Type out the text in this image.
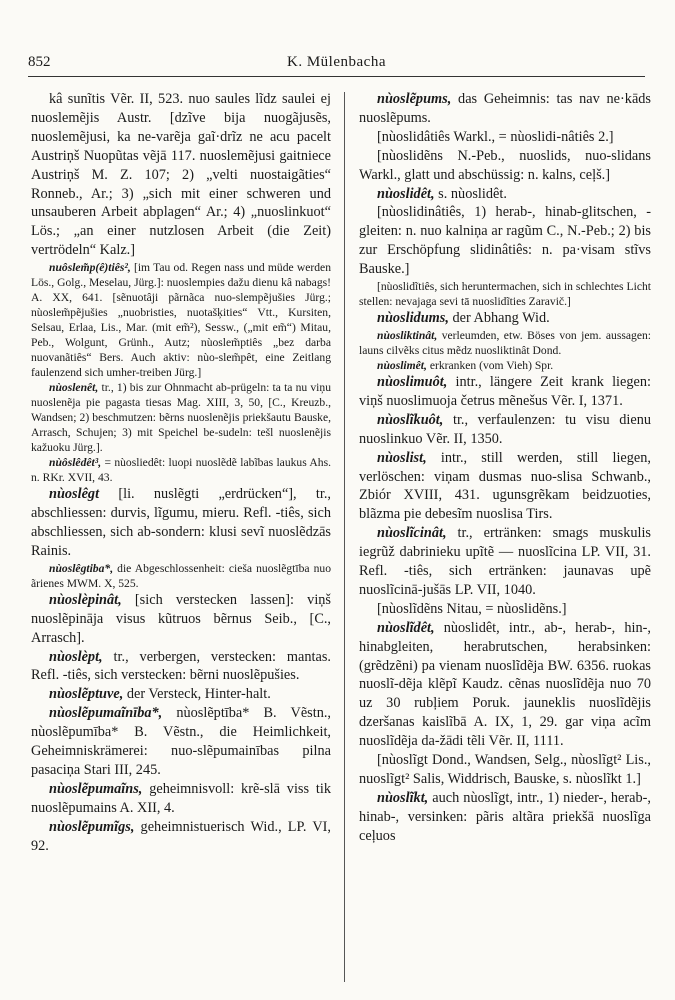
852	K. Mülenbacha

kâ sunĩtis Vẽr. II, 523. nuo saules lĩdz saulei ej nuoslemẽjis Austr. [dzĩve bija nuogãjusẽs, nuoslemẽjusi, ka ne-varẽja gaĩ·drĩz ne acu pacelt Austriņš Nuopũtas vẽjā 117. nuoslemẽjusi gaitniece Austriņš M. Z. 107; 2) „velti nuostaigãties“ Ronneb., Ar.; 3) „sich mit einer schweren und unsauberen Arbeit abplagen“ Ar.; 4) „nuoslinkuot“ Lös.; „an einer nutzlosen Arbeit (die Zeit) vertrödeln“ Kalz.]

nuôslem̃p(ê)tiês², [im Tau od. Regen nass und müde werden Lös., Golg., Meselau, Jürg.]: nuoslempies dažu dienu kâ nabags! A. XX, 641. [sẽnuotâji pãrnãca nuo-slempẽjušies Jürg.; nùoslem̃pẽjušies „nuobristies, nuotašķities“ Vtt., Kursiten, Selsau, Erlaa, Lis., Mar. (mit em̃²), Sessw., („mit em̃“) Mitau, Peb., Wolgunt, Grünh., Autz; nùoslem̃ptiês „bez darba nuovanãtiês“ Bers. Auch aktiv: nùo-slem̃pêt, eine Zeitlang faulenzend sich umher-treiben Jürg.]

nùoslenêt, tr., 1) bis zur Ohnmacht ab-prügeln: ta ta nu viņu nuoslenẽja pie pagasta tiesas Mag. XIII, 3, 50, [C., Kreuzb., Wandsen; 2) beschmutzen: bẽrns nuoslenẽjis priekšautu Bauske, Arrasch, Schujen; 3) mit Speichel be-sudeln: tešl nuoslenẽjis kažuoku Jürg.].

nùôslêdêt³, = nùosliedêt: luopi nuoslẽdẽ labĩbas laukus Ahs. n. RKr. XVII, 43.

nùoslêgt [li. nuslẽgti „erdrücken“], tr., abschliessen: durvis, lĩgumu, mieru. Refl. -tiês, sich abschliessen, sich ab-sondern: klusi sevĩ nuoslẽdzās Rainis.

nùoslêgtiba*, die Abgeschlossenheit: cieša nuoslẽgtība nuo ãrienes MWM. X, 525.

nùoslèpinât, [sich verstecken lassen]: viņš nuoslẽpināja visus kũtruos bẽrnus Seib., [C., Arrasch].

nùoslèpt, tr., verbergen, verstecken: mantas. Refl. -tiês, sich verstecken: bẽrni nuoslẽpušies.

nùoslẽptuve, der Versteck, Hinter-halt.

nùoslẽpumaĩnība*, nùoslẽptība* B. Vẽstn., nùoslẽpumība* B. Vẽstn., die Heimlichkeit, Geheimniskrämerei: nuo-slẽpumainības pilna pasaciņa Stari III, 245.

nùoslẽpumaĩns, geheimnisvoll: krẽ-slā viss tik nuoslẽpumains A. XII, 4.

nùoslẽpumĩgs, geheimnistuerisch Wid., LP. VI, 92.

nùoslẽpums, das Geheimnis: tas nav ne·kāds nuoslẽpums.

[nùoslidâtiês Warkl., = nùoslidi-nâtiês 2.]

[nùoslidẽns N.-Peb., nuoslids, nuo-slidans Warkl., glatt und abschüssig: n. kalns, ceļš.]

nùoslidêt, s. nùoslidêt.

[nùoslidinâtiês, 1) herab-, hinab-glitschen, -gleiten: n. nuo kalniņa ar ragũm C., N.-Peb.; 2) bis zur Erschöpfung slidinâtiês: n. pa·visam stĩvs Bauske.]

[nùoslidĩtiês, sich heruntermachen, sich in schlechtes Licht stellen: nevajaga sevi tā nuoslidĩties Zaravič.]

nùoslidums, der Abhang Wid.

nùosliktinât, verleumden, etw. Böses von jem. aussagen: launs cilvẽks citus mẽdz nuosliktinât Dond.

nùoslimêt, erkranken (vom Vieh) Spr.

nùoslimuôt, intr., längere Zeit krank liegen: viņš nuoslimuoja četrus mẽnešus Vẽr. I, 1371.

nùoslĩkuôt, tr., verfaulenzen: tu visu dienu nuoslinkuo Vẽr. II, 1350.

nùoslist, intr., still werden, still liegen, verlöschen: viņam dusmas nuo-slisa Schwanb., Zbiór XVIII, 431. ugunsgrẽkam beidzuoties, blãzma pie debesĩm nuoslisa Tirs.

nùoslĩcinât, tr., ertränken: smags muskulis iegrũž dabrinieku upĩtẽ — nuoslĩcina LP. VII, 31. Refl. -tiês, sich ertränken: jaunavas upẽ nuoslĩcinā-jušās LP. VII, 1040.

[nùoslĩdẽns Nitau, = nùoslidẽns.]

nùoslĩdêt, nùoslidêt, intr., ab-, herab-, hin-, hinabgleiten, herabrutschen, herabsinken: (grẽdzẽni) pa vienam nuoslĩdẽja BW. 6356. ruokas nuoslĩ-dẽja klẽpĩ Kaudz. cẽnas nuoslĩdẽja nuo 70 uz 30 rubļiem Poruk. jauneklis nuoslĩdẽjis dzeršanas kaislĩbā A. IX, 1, 29. gar viņa acĩm nuoslĩdẽja da-žādi tẽli Vẽr. II, 1111.

[nùoslĩgt Dond., Wandsen, Selg., nùoslĩgt² Lis., nuoslĩgt² Salis, Widdrisch, Bauske, s. nùoslĩkt 1.]

nùoslĩkt, auch nùoslĩgt, intr., 1) nieder-, herab-, hinab-, versinken: pãris altãra priekšā nuoslĩga ceļuos
